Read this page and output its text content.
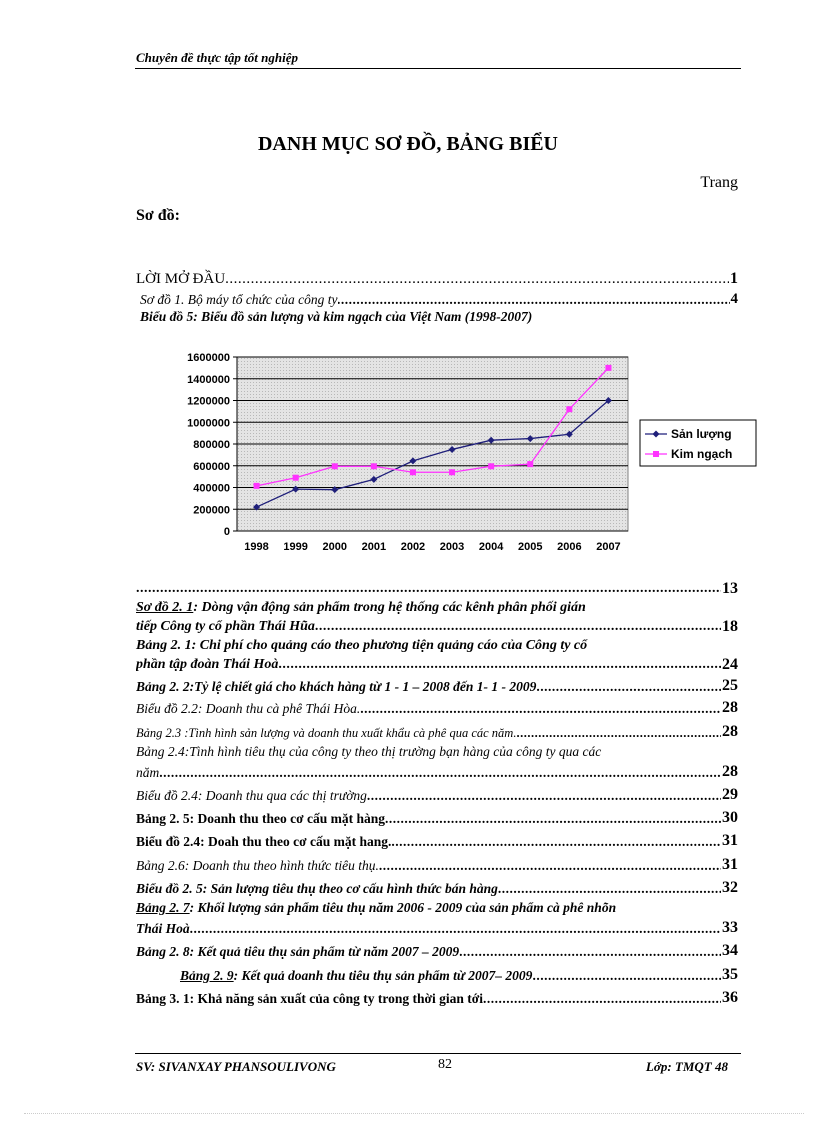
Chuyên đề thực tập tốt nghiệp
DANH MỤC SƠ ĐỒ, BẢNG BIỂU
Trang
Sơ đồ:
LỜI MỞ ĐẦU .....	1
Sơ đồ 1. Bộ máy tổ chức của công ty .....	4
Biểu đồ 5: Biểu đồ sản lượng và kim ngạch của Việt Nam (1998-2007)
0
200000
400000
600000
800000
1000000
1200000
1400000
1600000
1998 1999 2000 2001 2002 2003 2004 2005 2006 2007
Sản lượng
Kim ngạch
.....
13
Sơ đồ 2. 1: Dòng vận động sản phẩm trong hệ thống các kênh phân phối gián
tiếp Công ty cổ phần Thái Hũa .....	18
Bảng 2. 1: Chi phí cho quảng cáo theo phương tiện quảng cáo của Công ty cổ
phần tập đoàn Thái Hoà .....	24
Bảng 2. 2:Tỷ lệ chiết giá cho khách hàng từ 1 - 1 – 2008 đến 1- 1 - 2009 .....	25
Biểu đồ 2.2: Doanh thu cà phê Thái Hòa. .....	28
Bảng 2.3 :Tình hình sản lượng và doanh thu xuất khẩu cà phê qua các năm. .....	28
Bảng 2.4:Tình hình tiêu thụ của công ty theo thị trường bạn hàng của công ty qua các
năm .....	28
Biểu đồ 2.4: Doanh thu qua các thị trường .....	29
Bảng 2. 5: Doanh thu theo cơ cấu mặt hàng .....	30
Biểu đồ 2.4: Doah thu theo cơ cấu mặt hang. .....	31
Bảng 2.6: Doanh thu theo hình thức tiêu thụ. .....	31
Biểu đồ 2. 5: Sản lượng tiêu thụ theo cơ cấu hình thức bán hàng .....	32
Bảng 2. 7: Khối lượng sản phẩm tiêu thụ năm 2006 - 2009 của sản phẩm cà phê nhõn
Thái Hoà .....	33
Bảng 2. 8: Kết quả tiêu thụ sản phẩm từ năm 2007 – 2009 .....	34
Bảng 2. 9: Kết quả doanh thu tiêu thụ sản phẩm từ 2007– 2009 .....	35
Bảng 3. 1: Khả năng sản xuất của công ty trong thời gian tới .....	36
SV: SIVANXAY PHANSOULIVONG	82	Lớp: TMQT 48
